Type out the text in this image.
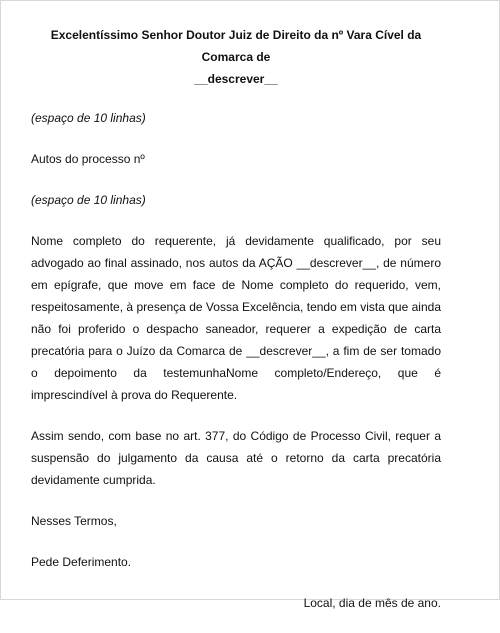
Excelentíssimo Senhor Doutor Juiz de Direito da nº Vara Cível da Comarca de
__descrever__

(espaço de 10 linhas)

Autos do processo nº

(espaço de 10 linhas)

Nome completo do requerente, já devidamente qualificado, por seu advogado ao final assinado, nos autos da AÇÃO __descrever__, de número em epígrafe, que move em face de Nome completo do requerido, vem, respeitosamente, à presença de Vossa Excelência, tendo em vista que ainda não foi proferido o despacho saneador, requerer a expedição de carta precatória para o Juízo da Comarca de __descrever__, a fim de ser tomado o depoimento da testemunhaNome completo/Endereço, que é imprescindível à prova do Requerente.

Assim sendo, com base no art. 377, do Código de Processo Civil, requer a suspensão do julgamento da causa até o retorno da carta precatória devidamente cumprida.

Nesses Termos,

Pede Deferimento.

Local, dia de mês de ano.
